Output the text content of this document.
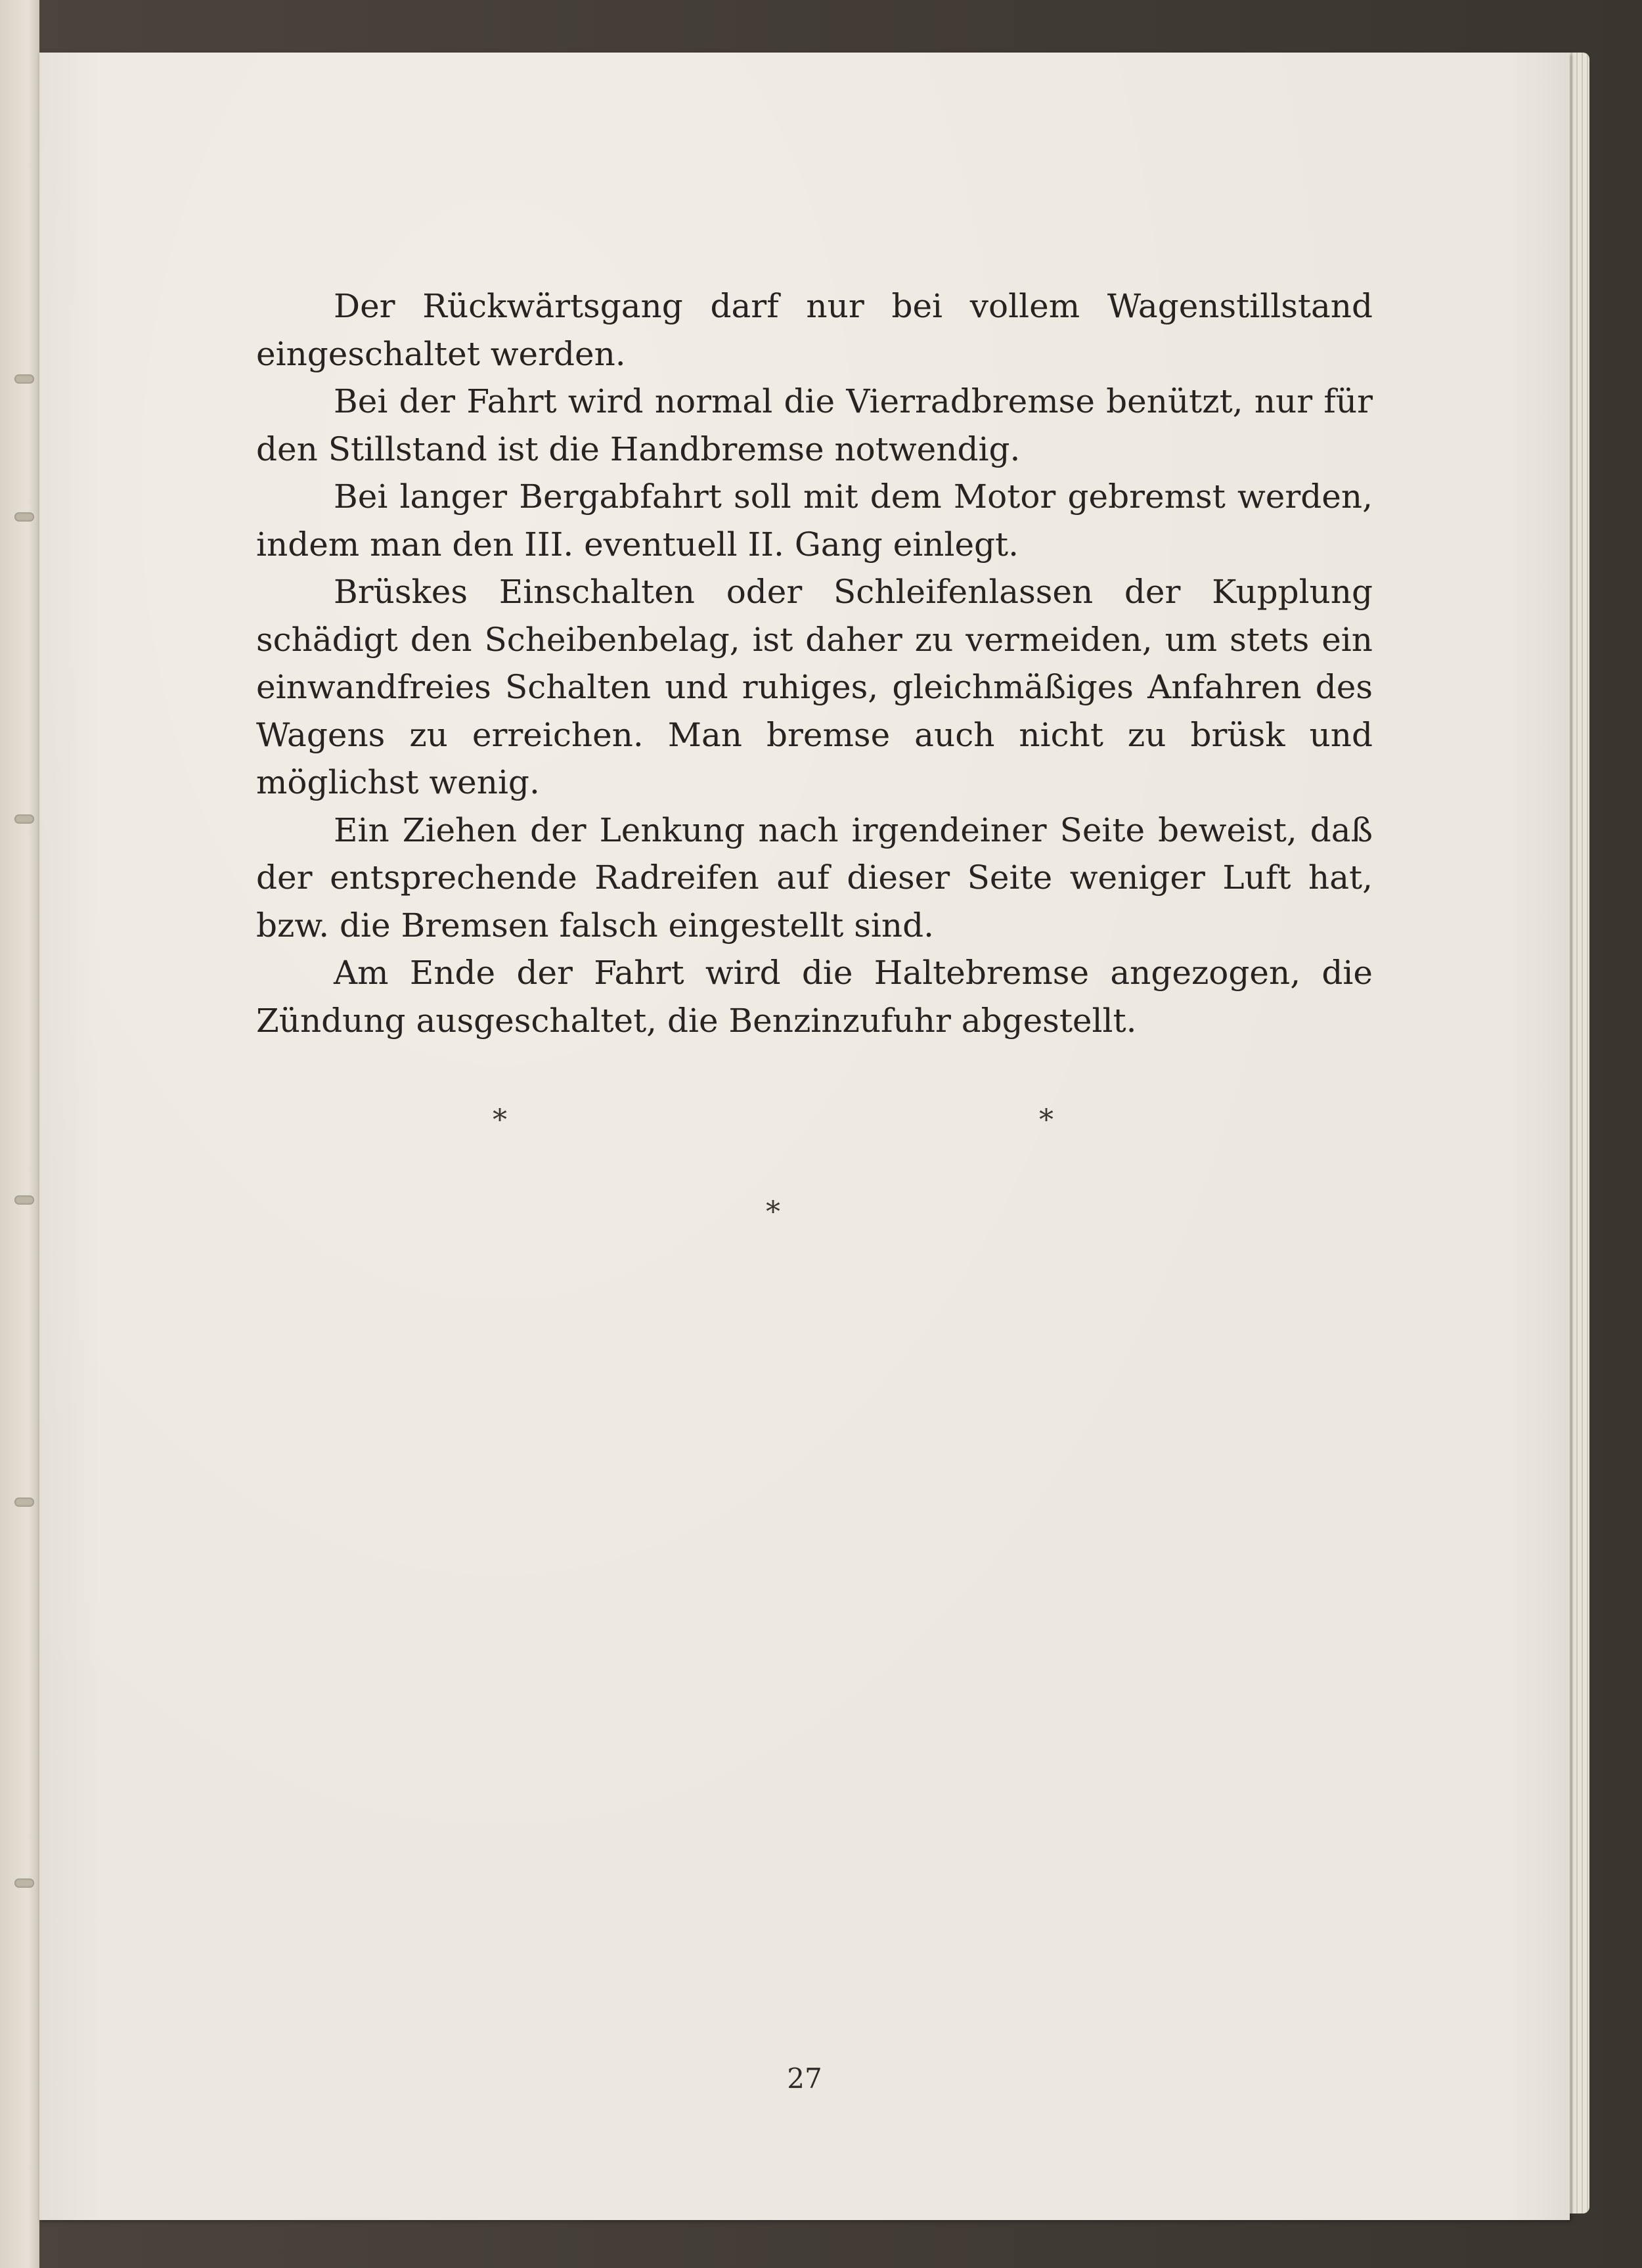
Der Rückwärtsgang darf nur bei vollem Wagenstillstand eingeschaltet werden.

Bei der Fahrt wird normal die Vierradbremse benützt, nur für den Stillstand ist die Handbremse notwendig.

Bei langer Bergabfahrt soll mit dem Motor gebremst werden, indem man den III. eventuell II. Gang einlegt.

Brüskes Einschalten oder Schleifenlassen der Kupplung schädigt den Scheibenbelag, ist daher zu vermeiden, um stets ein einwandfreies Schalten und ruhiges, gleichmäßiges Anfahren des Wagens zu erreichen. Man bremse auch nicht zu brüsk und möglichst wenig.

Ein Ziehen der Lenkung nach irgendeiner Seite beweist, daß der entsprechende Radreifen auf dieser Seite weniger Luft hat, bzw. die Bremsen falsch eingestellt sind.

Am Ende der Fahrt wird die Haltebremse angezogen, die Zündung ausgeschaltet, die Benzinzufuhr abgestellt.

*	*
*
27
